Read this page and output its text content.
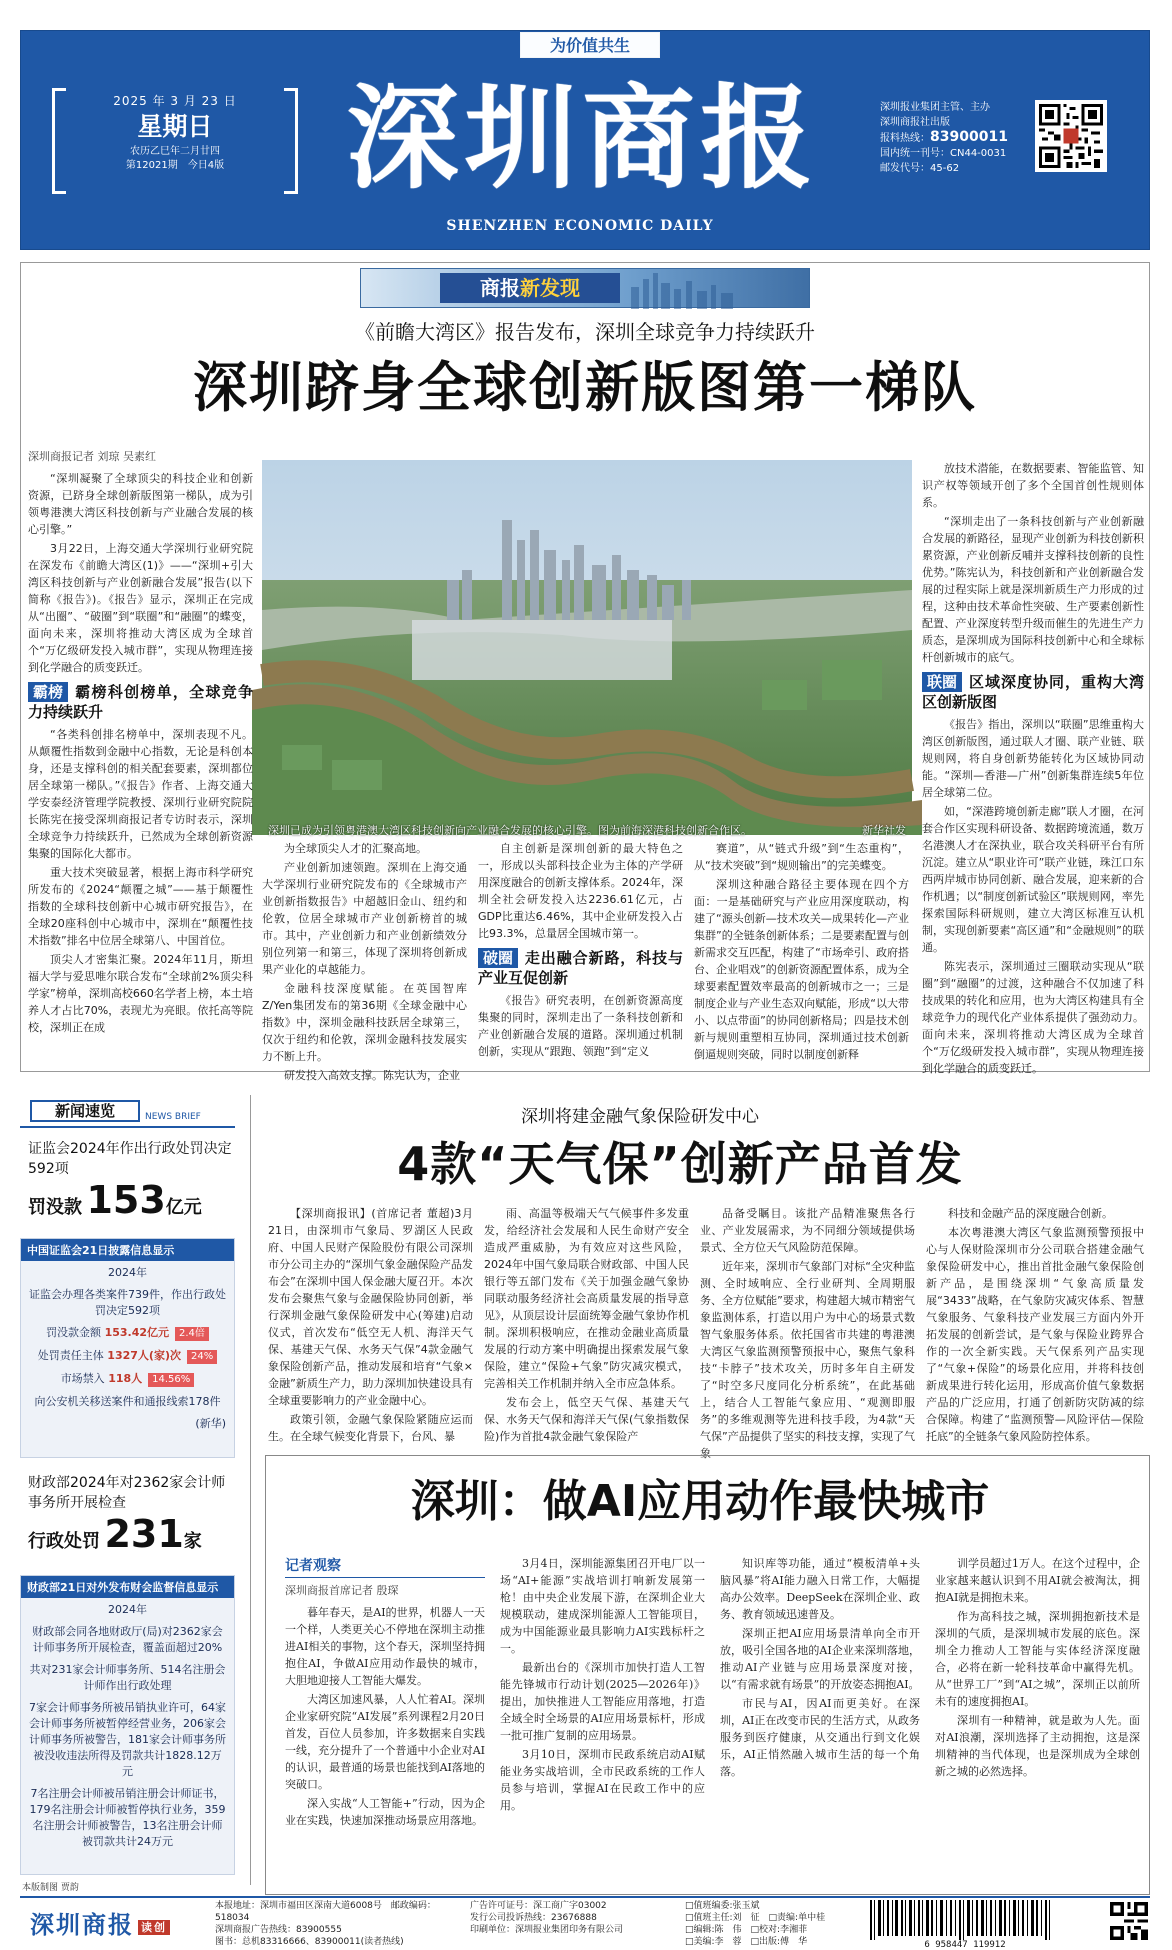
为价值共生
2025 年 3 月 23 日
星期日
农历乙巳年二月廿四
第12021期　今日4版	深圳商报
SHENZHEN ECONOMIC DAILY
深圳报业集团主管、主办
深圳商报社出版
报料热线：83900011
国内统一刊号：CN44-0031
邮发代号：45-62
商报新发现
《前瞻大湾区》报告发布，深圳全球竞争力持续跃升
深圳跻身全球创新版图第一梯队
深圳已成为引领粤港澳大湾区科技创新向产业融合发展的核心引擎。图为前海深港科技创新合作区。	新华社发
深圳商报记者 刘琼 吴素红

“深圳凝聚了全球顶尖的科技企业和创新资源，已跻身全球创新版图第一梯队，成为引领粤港澳大湾区科技创新与产业融合发展的核心引擎。”

3月22日，上海交通大学深圳行业研究院在深发布《前瞻大湾区(1)》——“深圳+引大湾区科技创新与产业创新融合发展”报告(以下简称《报告》)。《报告》显示，深圳正在完成从“出圈”、“破圈”到“联圈”和“融圈”的蝶变，面向未来，深圳将推动大湾区成为全球首个“万亿级研发投入城市群”，实现从物理连接到化学融合的质变跃迁。

霸榜 霸榜科创榜单，全球竞争力持续跃升

“各类科创排名榜单中，深圳表现不凡。从颠覆性指数到金融中心指数，无论是科创本身，还是支撑科创的相关配套要素，深圳都位居全球第一梯队。”《报告》作者、上海交通大学安泰经济管理学院教授、深圳行业研究院院长陈宪在接受深圳商报记者专访时表示，深圳全球竞争力持续跃升，已然成为全球创新资源集聚的国际化大都市。

重大技术突破显著，根据上海市科学研究所发布的《2024“颠覆之城”——基于颠覆性指数的全球科技创新中心城市研究报告》，在全球20座科创中心城市中，深圳在“颠覆性技术指数”排名中位居全球第八、中国首位。

顶尖人才密集汇聚。2024年11月，斯坦福大学与爱思唯尔联合发布“全球前2%顶尖科学家”榜单，深圳高校660名学者上榜，本土培养人才占比70%，表现尤为亮眼。依托高等院校，深圳正在成

为全球顶尖人才的汇聚高地。

产业创新加速领跑。深圳在上海交通大学深圳行业研究院发布的《全球城市产业创新指数报告》中超越旧金山、纽约和伦敦，位居全球城市产业创新榜首的城市。其中，产业创新力和产业创新绩效分别位列第一和第三，体现了深圳将创新成果产业化的卓越能力。

金融科技深度赋能。在英国智库Z/Yen集团发布的第36期《全球金融中心指数》中，深圳金融科技跃居全球第三，仅次于纽约和伦敦，深圳金融科技发展实力不断上升。

研发投入高效支撑。陈宪认为，企业

自主创新是深圳创新的最大特色之一，形成以头部科技企业为主体的产学研用深度融合的创新支撑体系。2024年，深圳全社会研发投入达2236.61亿元，占GDP比重达6.46%，其中企业研发投入占比93.3%，总量居全国城市第一。

破圈 走出融合新路，科技与产业互促创新

《报告》研究表明，在创新资源高度集聚的同时，深圳走出了一条科技创新和产业创新融合发展的道路。深圳通过机制创新，实现从“跟跑、领跑”到“定义

赛道”，从“链式升级”到“生态重构”，从“技术突破”到“规则输出”的完美蝶变。

深圳这种融合路径主要体现在四个方面：一是基础研究与产业应用深度联动，构建了“源头创新—技术攻关—成果转化—产业集群”的全链条创新体系；二是要素配置与创新需求交互匹配，构建了“市场牵引、政府搭台、企业唱戏”的创新资源配置体系，成为全球要素配置效率最高的创新城市之一；三是制度企业与产业生态双向赋能，形成“以大带小、以点带面”的协同创新格局；四是技术创新与规则重塑相互协同，深圳通过技术创新倒逼规则突破，同时以制度创新释

放技术潜能，在数据要素、智能监管、知识产权等领域开创了多个全国首创性规则体系。

“深圳走出了一条科技创新与产业创新融合发展的新路径，显现产业创新为科技创新积累资源，产业创新反哺并支撑科技创新的良性优势。”陈宪认为，科技创新和产业创新融合发展的过程实际上就是深圳新质生产力形成的过程，这种由技术革命性突破、生产要素创新性配置、产业深度转型升级而催生的先进生产力质态，是深圳成为国际科技创新中心和全球标杆创新城市的底气。

联圈 区域深度协同，重构大湾区创新版图

《报告》指出，深圳以“联圈”思维重构大湾区创新版图，通过联人才圈、联产业链、联规则网，将自身创新势能转化为区域协同动能。“深圳—香港—广州”创新集群连续5年位居全球第二位。

如，“深港跨境创新走廊”联人才圈，在河套合作区实现科研设备、数据跨境流通，数万名港澳人才在深执业，联合攻关科研平台有所沉淀。建立从“职业许可”联产业链，珠江口东西两岸城市协同创新、融合发展，迎来新的合作机遇；以“制度创新试验区”联规则网，率先探索国际科研规则，建立大湾区标准互认机制，实现创新要素“高区通”和“金融规则”的联通。

陈宪表示，深圳通过三圈联动实现从“联圈”到“融圈”的过渡，这种融合不仅加速了科技成果的转化和应用，也为大湾区构建具有全球竞争力的现代化产业体系提供了强劲动力。面向未来，深圳将推动大湾区成为全球首个“万亿级研发投入城市群”，实现从物理连接到化学融合的质变跃迁。

新闻速览	NEWS BRIEF
证监会2024年作出行政处罚决定592项
罚没款 153亿元
中国证监会21日披露信息显示
2024年
证监会办理各类案件739件，作出行政处罚决定592项
罚没款金额 153.42亿元 2.4倍
处罚责任主体 1327人(家)次 24%
市场禁入 118人 14.56%
向公安机关移送案件和通报线索178件
(新华)
财政部2024年对2362家会计师事务所开展检查
行政处罚 231家
财政部21日对外发布财会监督信息显示
2024年
财政部会同各地财政厅(局)对2362家会计师事务所开展检查，覆盖面超过20%
共对231家会计师事务所、514名注册会计师作出行政处理
7家会计师事务所被吊销执业许可，64家会计师事务所被暂停经营业务，206家会计师事务所被警告，181家会计师事务所被没收违法所得及罚款共计1828.12万元
7名注册会计师被吊销注册会计师证书，179名注册会计师被暂停执行业务，359名注册会计师被警告，13名注册会计师被罚款共计24万元
本版制图 贾韵
深圳将建金融气象保险研发中心
4款“天气保”创新产品首发

【深圳商报讯】(首席记者 董超)3月21日，由深圳市气象局、罗湖区人民政府、中国人民财产保险股份有限公司深圳市分公司主办的“深圳气象金融保险产品发布会”在深圳中国人保金融大厦召开。本次发布会聚焦气象与金融保险协同创新，举行深圳金融气象保险研发中心(筹建)启动仪式，首次发布“低空无人机、海洋天气保、基建天气保、水务天气保”4款金融气象保险创新产品，推动发展和培育“气象×金融”新质生产力，助力深圳加快建设具有全球重要影响力的产业金融中心。

政策引领，金融气象保险紧随应运而生。在全球气候变化背景下，台风、暴

雨、高温等极端天气气候事件多发重发，给经济社会发展和人民生命财产安全造成严重威胁，为有效应对这些风险，2024年中国气象局联合财政部、中国人民银行等五部门发布《关于加强金融气象协同联动服务经济社会高质量发展的指导意见》，从顶层设计层面统筹金融气象协作机制。深圳积极响应，在推动金融业高质量发展的行动方案中明确提出探索发展气象保险，建立“保险+气象”防灾减灾模式，完善相关工作机制并纳入全市应急体系。

发布会上，低空天气保、基建天气保、水务天气保和海洋天气保(气象指数保险)作为首批4款金融气象保险产

品备受瞩目。该批产品精准聚焦各行业、产业发展需求，为不同细分领域提供场景式、全方位天气风险防范保障。

近年来，深圳市气象部门对标“全灾种监测、全时域响应、全行业研判、全周期服务、全方位赋能”要求，构建超大城市精密气象监测体系，打造以用户为中心的场景式数智气象服务体系。依托国省市共建的粤港澳大湾区气象监测预警预报中心，聚焦气象科技“卡脖子”技术攻关，历时多年自主研发了“时空多尺度同化分析系统”，在此基础上，结合人工智能气象应用、“观测即服务”的多维观测等先进科技手段，为4款“天气保”产品提供了坚实的科技支撑，实现了气象

科技和金融产品的深度融合创新。

本次粤港澳大湾区气象监测预警预报中心与人保财险深圳市分公司联合搭建金融气象保险研发中心，推出首批金融气象保险创新产品，是围绕深圳“气象高质量发展“3433”战略，在气象防灾减灾体系、智慧气象服务、气象科技产业发展三方面内外开拓发展的创新尝试，是气象与保险业跨界合作的一次全新实践。天气保系列产品实现了“气象+保险”的场景化应用，并将科技创新成果进行转化运用，形成高价值气象数据产品的广泛应用，打通了创新防灾防减的综合保障。构建了“监测预警—风险评估—保险托底”的全链条气象风险防控体系。

深圳：做AI应用动作最快城市
记者观察
深圳商报首席记者 殷琛

暮年春天，是AI的世界，机器人一天一个样，人类更关心不停地在深圳主动推进AI相关的事物，这个春天，深圳坚持拥抱住AI，争做AI应用动作最快的城市，大胆地迎接人工智能大爆发。

大湾区加速风暴，人人忙着AI。深圳企业家研究院“AI发展”系列课程2月20日首发，百位人员参加，许多数据来自实践一线，充分提升了一个普通中小企业对AI的认识，最普通的场景也能找到AI落地的突破口。

深入实战“人工智能+”行动，因为企业在实践，快速加深推动场景应用落地。

3月4日，深圳能源集团召开电厂以一场“AI+能源”实战培训打响新发展第一枪！由中央企业发展下游，在深圳企业大规模联动，建成深圳能源人工智能项目，成为中国能源业最具影响力AI实践标杆之一。

最新出台的《深圳市加快打造人工智能先锋城市行动计划(2025—2026年)》提出，加快推进人工智能应用落地，打造全域全时全场景的AI应用场景标杆，形成一批可推广复制的应用场景。

3月10日，深圳市民政系统启动AI赋能业务实战培训，全市民政系统的工作人员参与培训，掌握AI在民政工作中的应用。

知识库等功能，通过“模板清单+头脑风暴”将AI能力融入日常工作，大幅提高办公效率。DeepSeek在深圳企业、政务、教育领域迅速普及。

深圳正把AI应用场景清单向全市开放，吸引全国各地的AI企业来深圳落地，推动AI产业链与应用场景深度对接，以“有需求就有场景”的开放姿态拥抱AI。

市民与AI，因AI而更美好。在深圳，AI正在改变市民的生活方式，从政务服务到医疗健康，从交通出行到文化娱乐，AI正悄然融入城市生活的每一个角落。

训学员超过1万人。在这个过程中，企业家越来越认识到不用AI就会被淘汰，拥抱AI就是拥抱未来。

作为高科技之城，深圳拥抱新技术是深圳的气质，是深圳城市发展的底色。深圳全力推动人工智能与实体经济深度融合，必将在新一轮科技革命中赢得先机。从“世界工厂”到“AI之城”，深圳正以前所未有的速度拥抱AI。

深圳有一种精神，就是敢为人先。面对AI浪潮，深圳选择了主动拥抱，这是深圳精神的当代体现，也是深圳成为全球创新之城的必然选择。

深圳商报 读创
本报地址：深圳市福田区深南大道6008号　邮政编码：518034
深圳商报广告热线：83900555
图书：总机83316666、83900011(读者热线)
广告许可证号：深工商广字03002
发行公司投诉热线：23676888
印刷单位：深圳报业集团印务有限公司
□值班编委:张玉斌
□值班主任:刘　征　□责编:单中桂
□编辑:陈　伟　□校对:李湘菲
□美编:李　蓉　□出版:傅　华	6 958447 119912
